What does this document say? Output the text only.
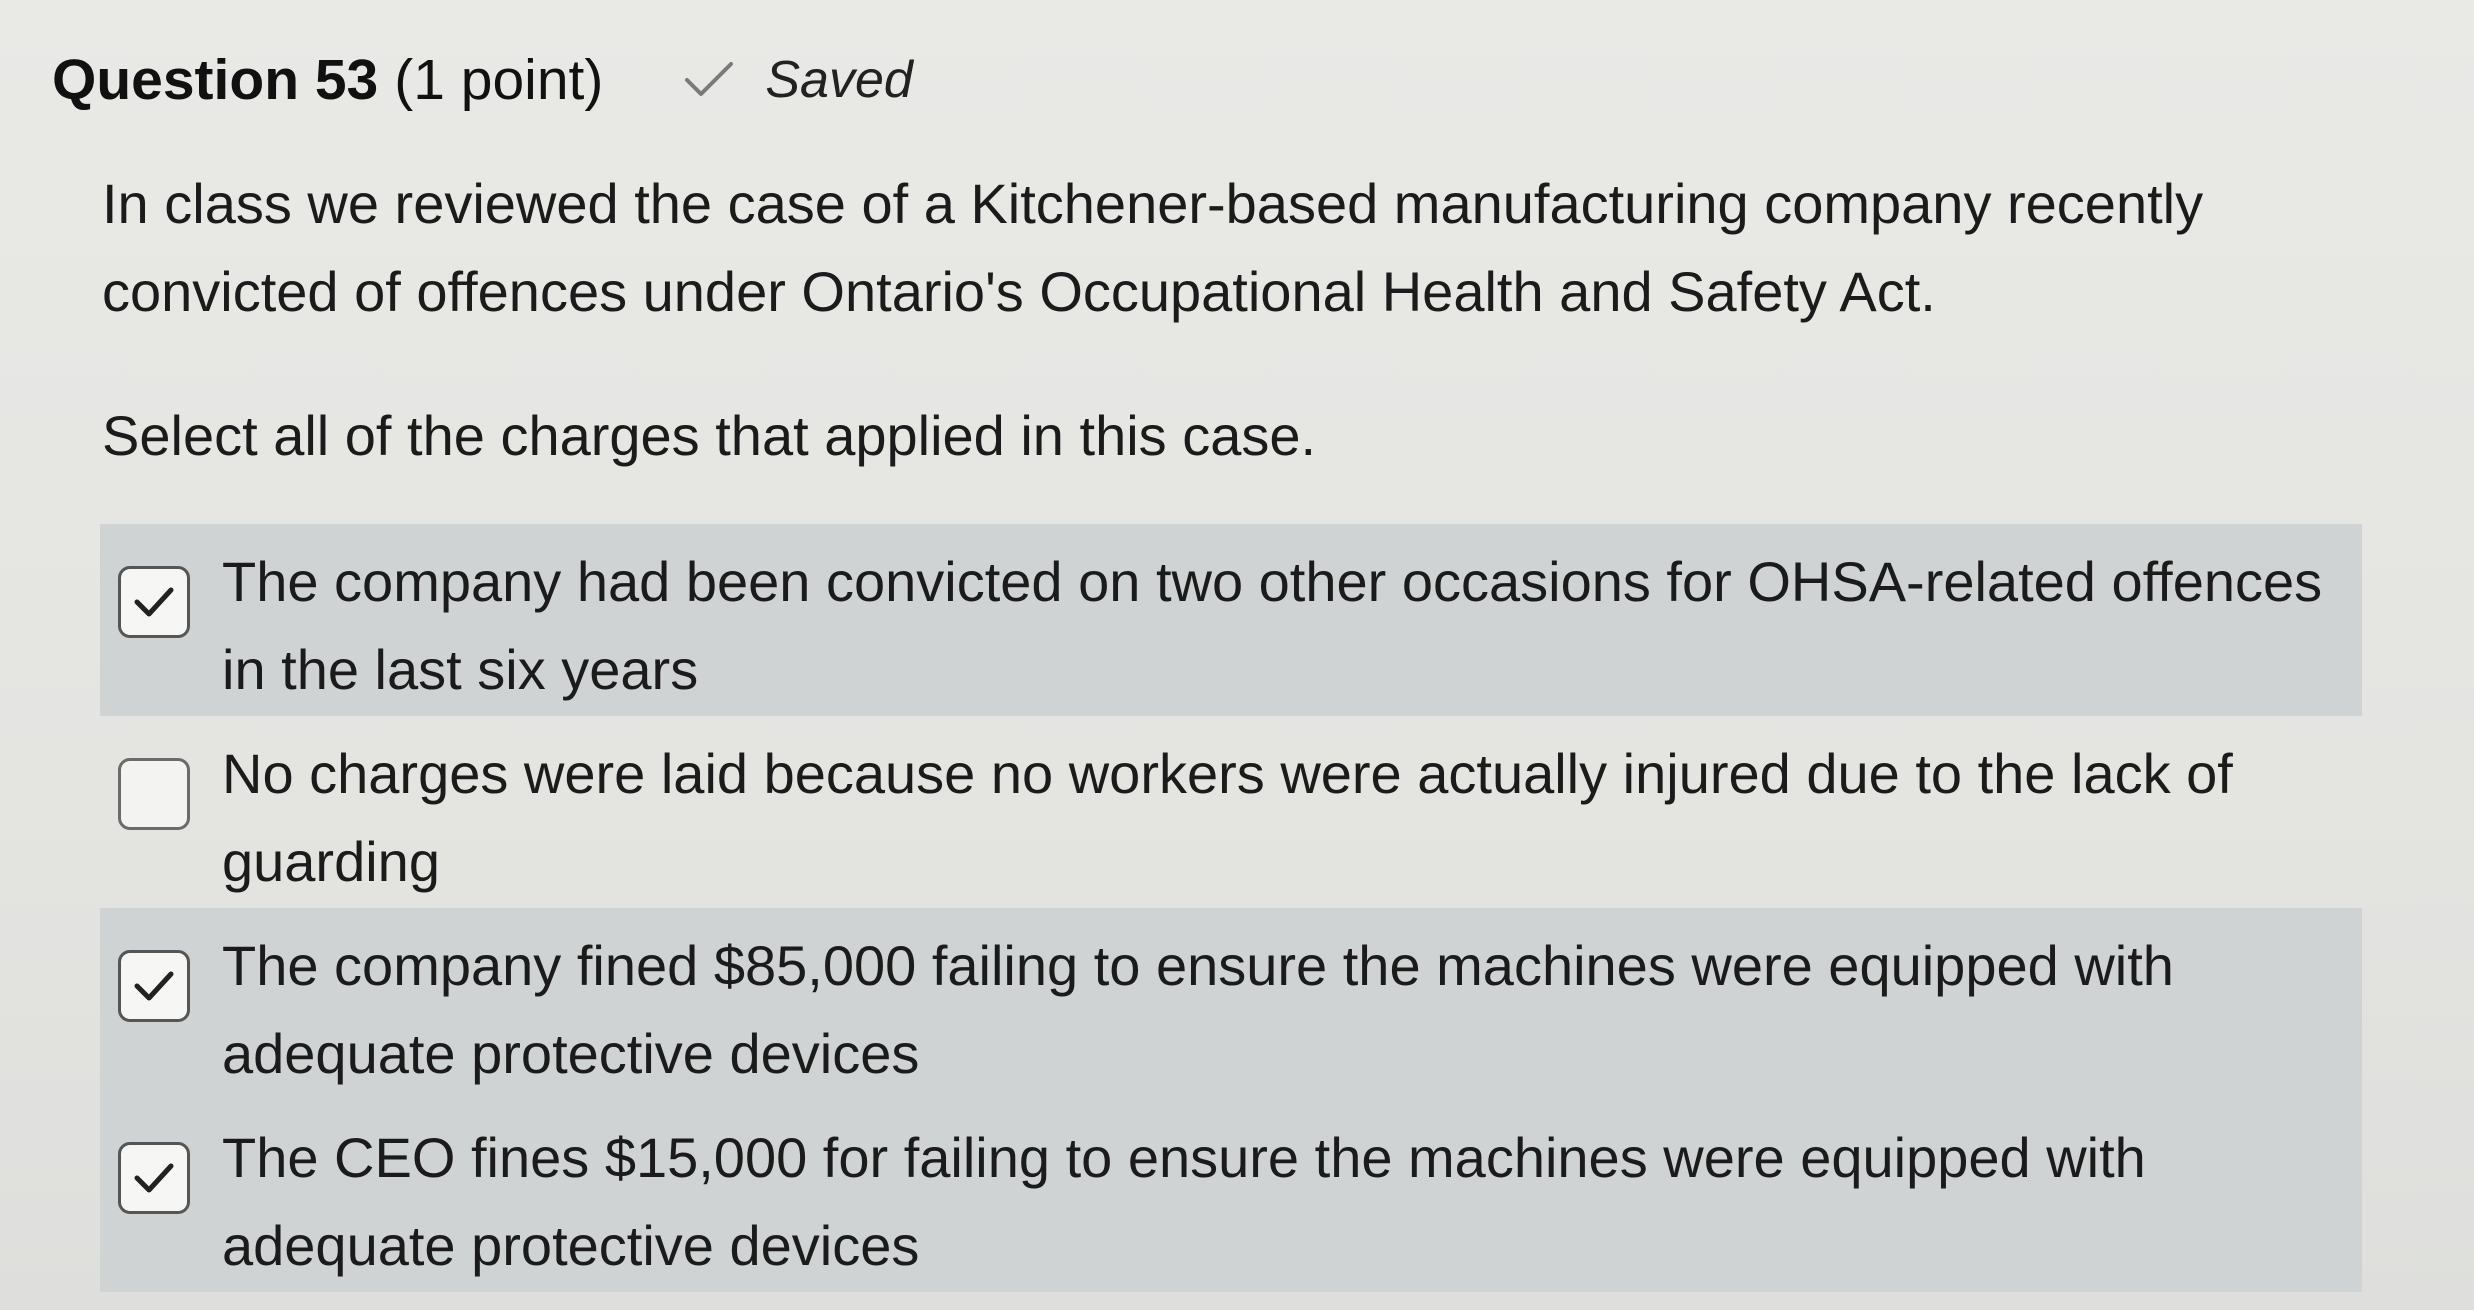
Question 53 (1 point)	Saved
In class we reviewed the case of a Kitchener-based manufacturing company recently convicted of offences under Ontario's Occupational Health and Safety Act.
Select all of the charges that applied in this case.
The company had been convicted on two other occasions for OHSA-related offences in the last six years
No charges were laid because no workers were actually injured due to the lack of guarding
The company fined $85,000 failing to ensure the machines were equipped with adequate protective devices
The CEO fines $15,000 for failing to ensure the machines were equipped with adequate protective devices
